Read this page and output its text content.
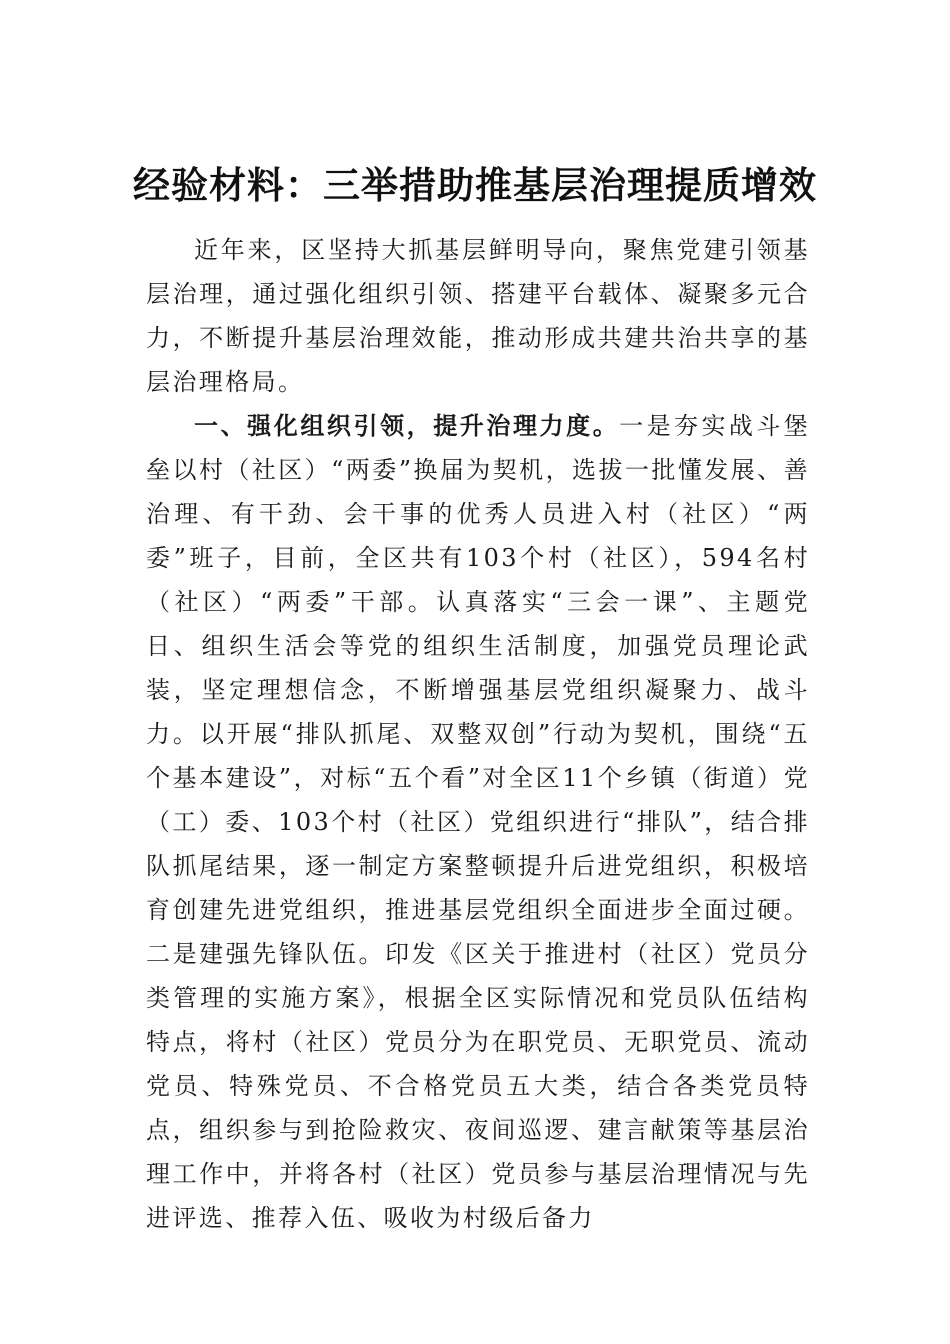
经验材料：三举措助推基层治理提质增效

近年来，区坚持大抓基层鲜明导向，聚焦党建引领基层治理，通过强化组织引领、搭建平台载体、凝聚多元合力，不断提升基层治理效能，推动形成共建共治共享的基层治理格局。

一、强化组织引领，提升治理力度。一是夯实战斗堡垒以村（社区）“两委”换届为契机，选拔一批懂发展、善治理、有干劲、会干事的优秀人员进入村（社区）“两委”班子，目前，全区共有103个村（社区），594名村（社区）“两委”干部。认真落实“三会一课”、主题党日、组织生活会等党的组织生活制度，加强党员理论武装，坚定理想信念，不断增强基层党组织凝聚力、战斗力。以开展“排队抓尾、双整双创”行动为契机，围绕“五个基本建设”，对标“五个看”对全区11个乡镇（街道）党（工）委、103个村（社区）党组织进行“排队”，结合排队抓尾结果，逐一制定方案整顿提升后进党组织，积极培育创建先进党组织，推进基层党组织全面进步全面过硬。二是建强先锋队伍。印发《区关于推进村（社区）党员分类管理的实施方案》，根据全区实际情况和党员队伍结构特点，将村（社区）党员分为在职党员、无职党员、流动党员、特殊党员、不合格党员五大类，结合各类党员特点，组织参与到抢险救灾、夜间巡逻、建言献策等基层治理工作中，并将各村（社区）党员参与基层治理情况与先进评选、推荐入伍、吸收为村级后备力
